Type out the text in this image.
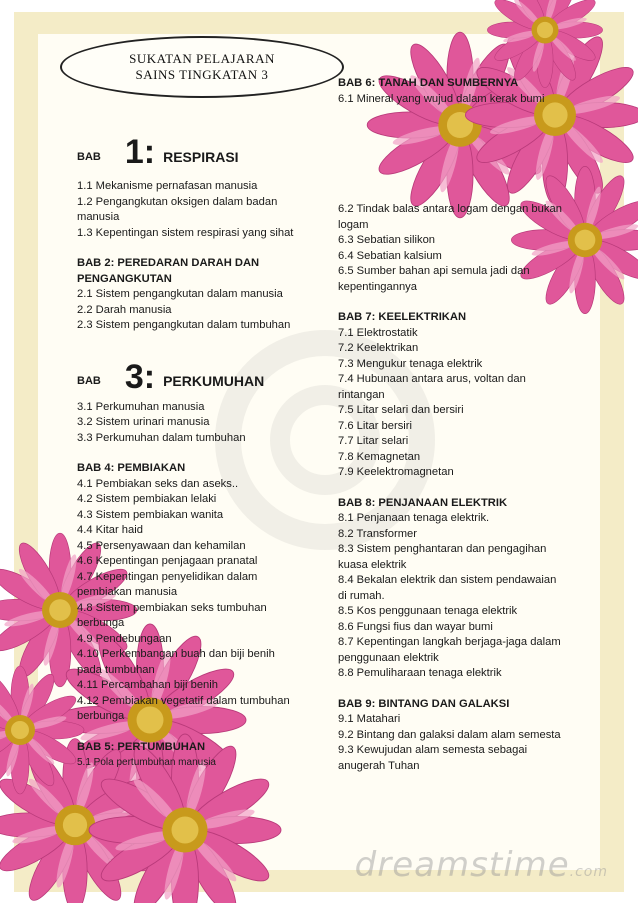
SUKATAN PELAJARAN
SAINS TINGKATAN 3
BAB 1: RESPIRASI
1.1 Mekanisme pernafasan manusia
1.2 Pengangkutan oksigen dalam badan manusia
1.3 Kepentingan sistem respirasi yang sihat
BAB 2: PEREDARAN DARAH DAN PENGANGKUTAN
2.1 Sistem pengangkutan dalam manusia
2.2 Darah manusia
2.3 Sistem pengangkutan dalam tumbuhan
BAB 3: PERKUMUHAN
3.1 Perkumuhan manusia
3.2 Sistem urinari manusia
3.3 Perkumuhan dalam tumbuhan
BAB 4: PEMBIAKAN
4.1 Pembiakan seks dan aseks..
4.2 Sistem pembiakan lelaki
4.3 Sistem pembiakan wanita
4.4 Kitar haid
4.5 Persenyawaan dan kehamilan
4.6 Kepentingan penjagaan pranatal
4.7 Kepentingan penyelidikan dalam pembiakan manusia
4.8 Sistem pembiakan seks tumbuhan berbunga
4.9 Pendebungaan
4.10 Perkembangan buah dan biji benih pada tumbuhan
4.11 Percambahan biji benih
4.12 Pembiakan vegetatif dalam tumbuhan berbunga
BAB 5: PERTUMBUHAN
5.1 Pola pertumbuhan manusia
BAB 6: TANAH DAN SUMBERNYA
6.1 Mineral yang wujud dalam kerak bumi
6.2 Tindak balas antara logam dengan bukan logam
6.3 Sebatian silikon
6.4 Sebatian kalsium
6.5 Sumber bahan api semula jadi dan kepentingannya
BAB 7: KEELEKTRIKAN
7.1 Elektrostatik
7.2 Keelektrikan
7.3 Mengukur tenaga elektrik
7.4 Hubunaan antara arus, voltan dan rintangan
7.5 Litar selari dan bersiri
7.6 Litar bersiri
7.7 Litar selari
7.8 Kemagnetan
7.9 Keelektromagnetan
BAB 8: PENJANAAN ELEKTRIK
8.1 Penjanaan tenaga elektrik.
8.2 Transformer
8.3 Sistem penghantaran dan pengagihan kuasa elektrik
8.4 Bekalan elektrik dan sistem pendawaian di rumah.
8.5 Kos penggunaan tenaga elektrik
8.6 Fungsi fius dan wayar bumi
8.7 Kepentingan langkah berjaga-jaga dalam penggunaan elektrik
8.8 Pemuliharaan tenaga elektrik
BAB 9: BINTANG DAN GALAKSI
9.1 Matahari
9.2 Bintang dan galaksi dalam alam semesta
9.3 Kewujudan alam semesta sebagai anugerah Tuhan
dreamstime.com
